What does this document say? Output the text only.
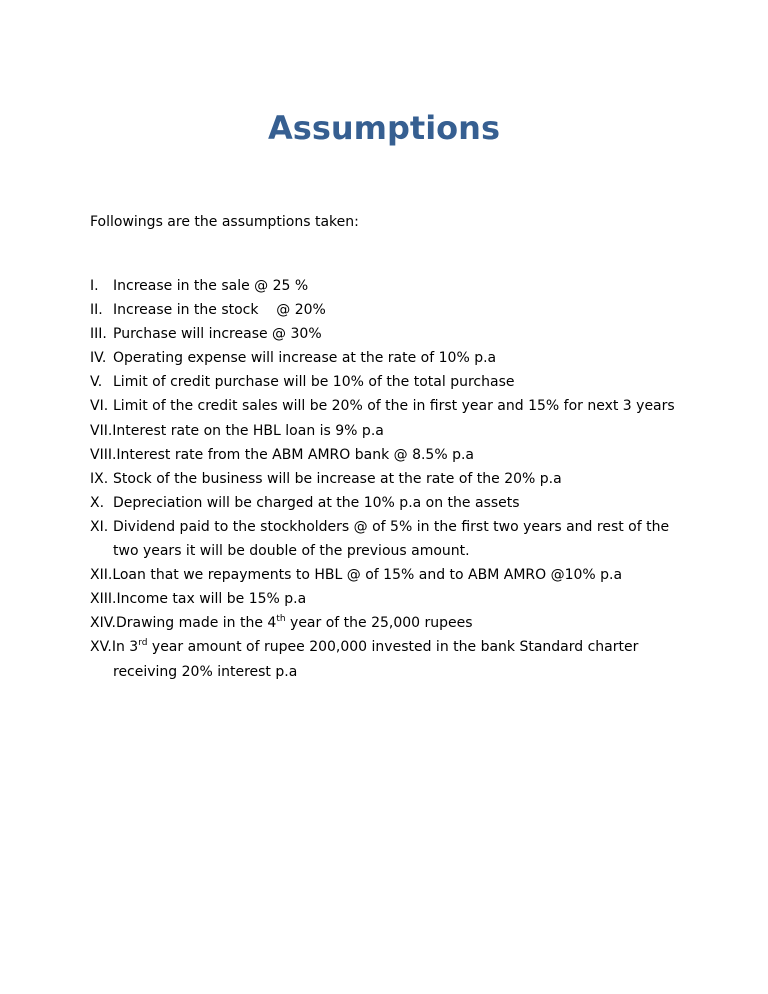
Assumptions

Followings are the assumptions taken:

I. Increase in the sale @ 25 %
II. Increase in the stock    @ 20%
III. Purchase will increase @ 30%
IV. Operating expense will increase at the rate of 10% p.a
V. Limit of credit purchase will be 10% of the total purchase
VI. Limit of the credit sales will be 20% of the in first year and 15% for next 3 years
VII.Interest rate on the HBL loan is 9% p.a
VIII.Interest rate from the ABM AMRO bank @ 8.5% p.a
IX. Stock of the business will be increase at the rate of the 20% p.a
X. Depreciation will be charged at the 10% p.a on the assets
XI. Dividend paid to the stockholders @ of 5% in the first two years and rest of the
two years it will be double of the previous amount.
XII.Loan that we repayments to HBL @ of 15% and to ABM AMRO @10% p.a
XIII.Income tax will be 15% p.a
XIV.Drawing made in the 4th year of the 25,000 rupees
XV.In 3rd year amount of rupee 200,000 invested in the bank Standard charter
receiving 20% interest p.a
